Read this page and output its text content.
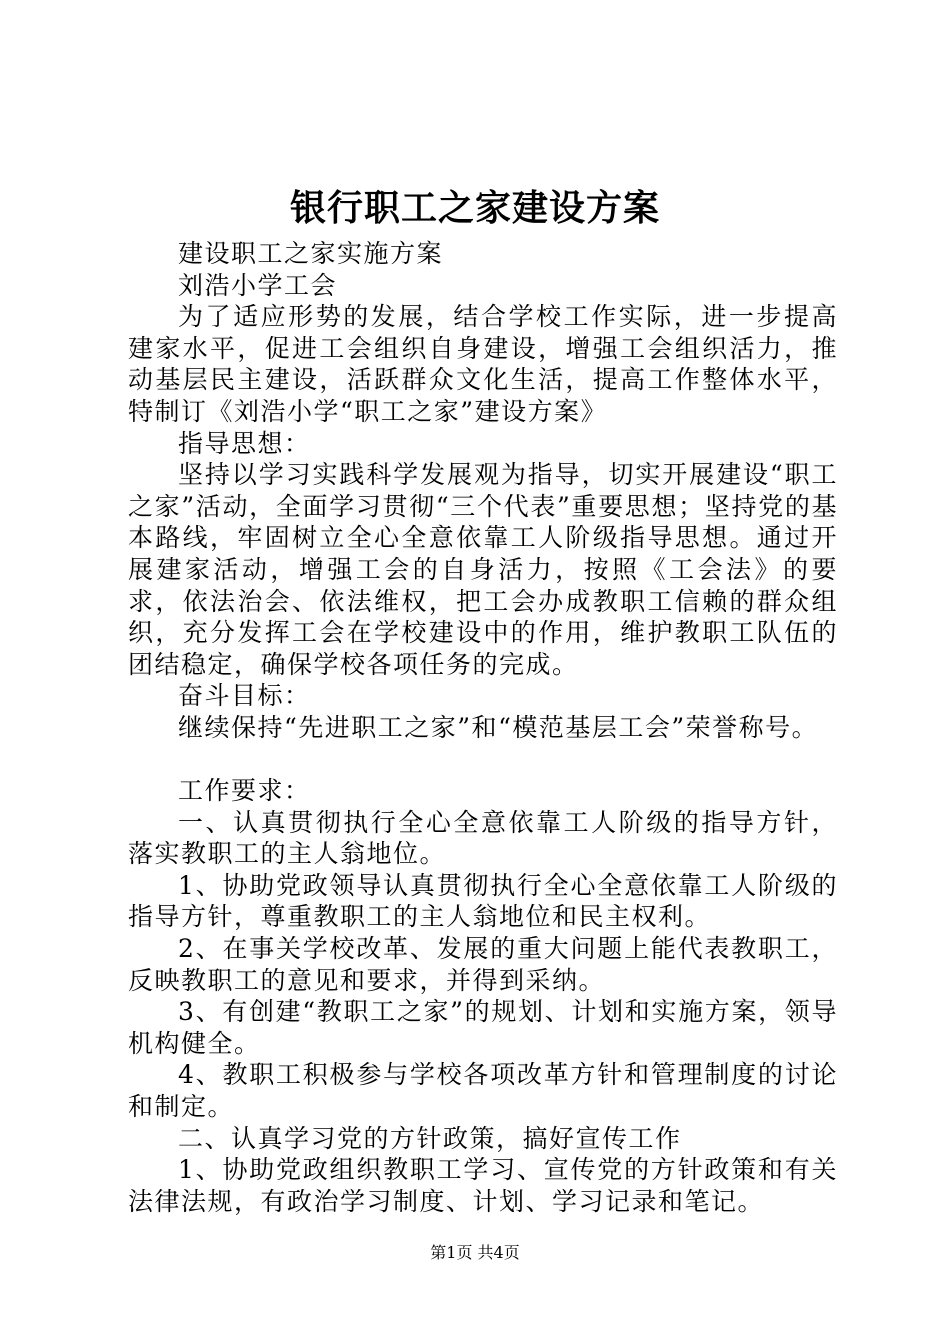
银行职工之家建设方案

建设职工之家实施方案

刘浩小学工会

为了适应形势的发展，结合学校工作实际，进一步提高建家水平，促进工会组织自身建设，增强工会组织活力，推动基层民主建设，活跃群众文化生活，提高工作整体水平，特制订《刘浩小学“职工之家”建设方案》

指导思想：

坚持以学习实践科学发展观为指导，切实开展建设“职工之家”活动，全面学习贯彻“三个代表”重要思想；坚持党的基本路线，牢固树立全心全意依靠工人阶级指导思想。通过开展建家活动，增强工会的自身活力，按照《工会法》的要求，依法治会、依法维权，把工会办成教职工信赖的群众组织，充分发挥工会在学校建设中的作用，维护教职工队伍的团结稳定，确保学校各项任务的完成。

奋斗目标：

继续保持“先进职工之家”和“模范基层工会”荣誉称号。

工作要求：

一、认真贯彻执行全心全意依靠工人阶级的指导方针，落实教职工的主人翁地位。

1、协助党政领导认真贯彻执行全心全意依靠工人阶级的指导方针，尊重教职工的主人翁地位和民主权利。

2、在事关学校改革、发展的重大问题上能代表教职工，反映教职工的意见和要求，并得到采纳。

3、有创建“教职工之家”的规划、计划和实施方案，领导机构健全。

4、教职工积极参与学校各项改革方针和管理制度的讨论和制定。

二、认真学习党的方针政策，搞好宣传工作

1、协助党政组织教职工学习、宣传党的方针政策和有关法律法规，有政治学习制度、计划、学习记录和笔记。

第1页 共4页
